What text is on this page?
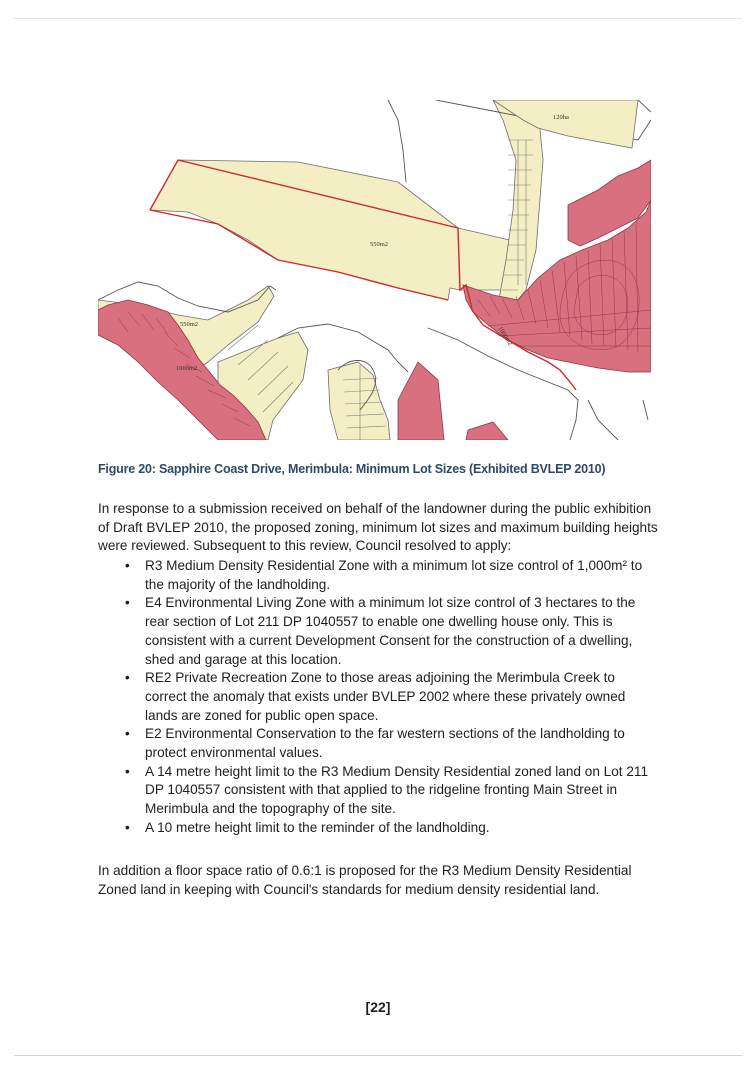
120ha
550m2
550m2
1000m2
1000m2
Figure 20: Sapphire Coast Drive, Merimbula: Minimum Lot Sizes (Exhibited BVLEP 2010)
In response to a submission received on behalf of the landowner during the public exhibition of Draft BVLEP 2010, the proposed zoning, minimum lot sizes and maximum building heights were reviewed. Subsequent to this review, Council resolved to apply:
• R3 Medium Density Residential Zone with a minimum lot size control of 1,000m² to the majority of the landholding.
• E4 Environmental Living Zone with a minimum lot size control of 3 hectares to the rear section of Lot 211 DP 1040557 to enable one dwelling house only. This is consistent with a current Development Consent for the construction of a dwelling, shed and garage at this location.
• RE2 Private Recreation Zone to those areas adjoining the Merimbula Creek to correct the anomaly that exists under BVLEP 2002 where these privately owned lands are zoned for public open space.
• E2 Environmental Conservation to the far western sections of the landholding to protect environmental values.
• A 14 metre height limit to the R3 Medium Density Residential zoned land on Lot 211 DP 1040557 consistent with that applied to the ridgeline fronting Main Street in Merimbula and the topography of the site.
• A 10 metre height limit to the reminder of the landholding.
In addition a floor space ratio of 0.6:1 is proposed for the R3 Medium Density Residential Zoned land in keeping with Council's standards for medium density residential land.
[22]
